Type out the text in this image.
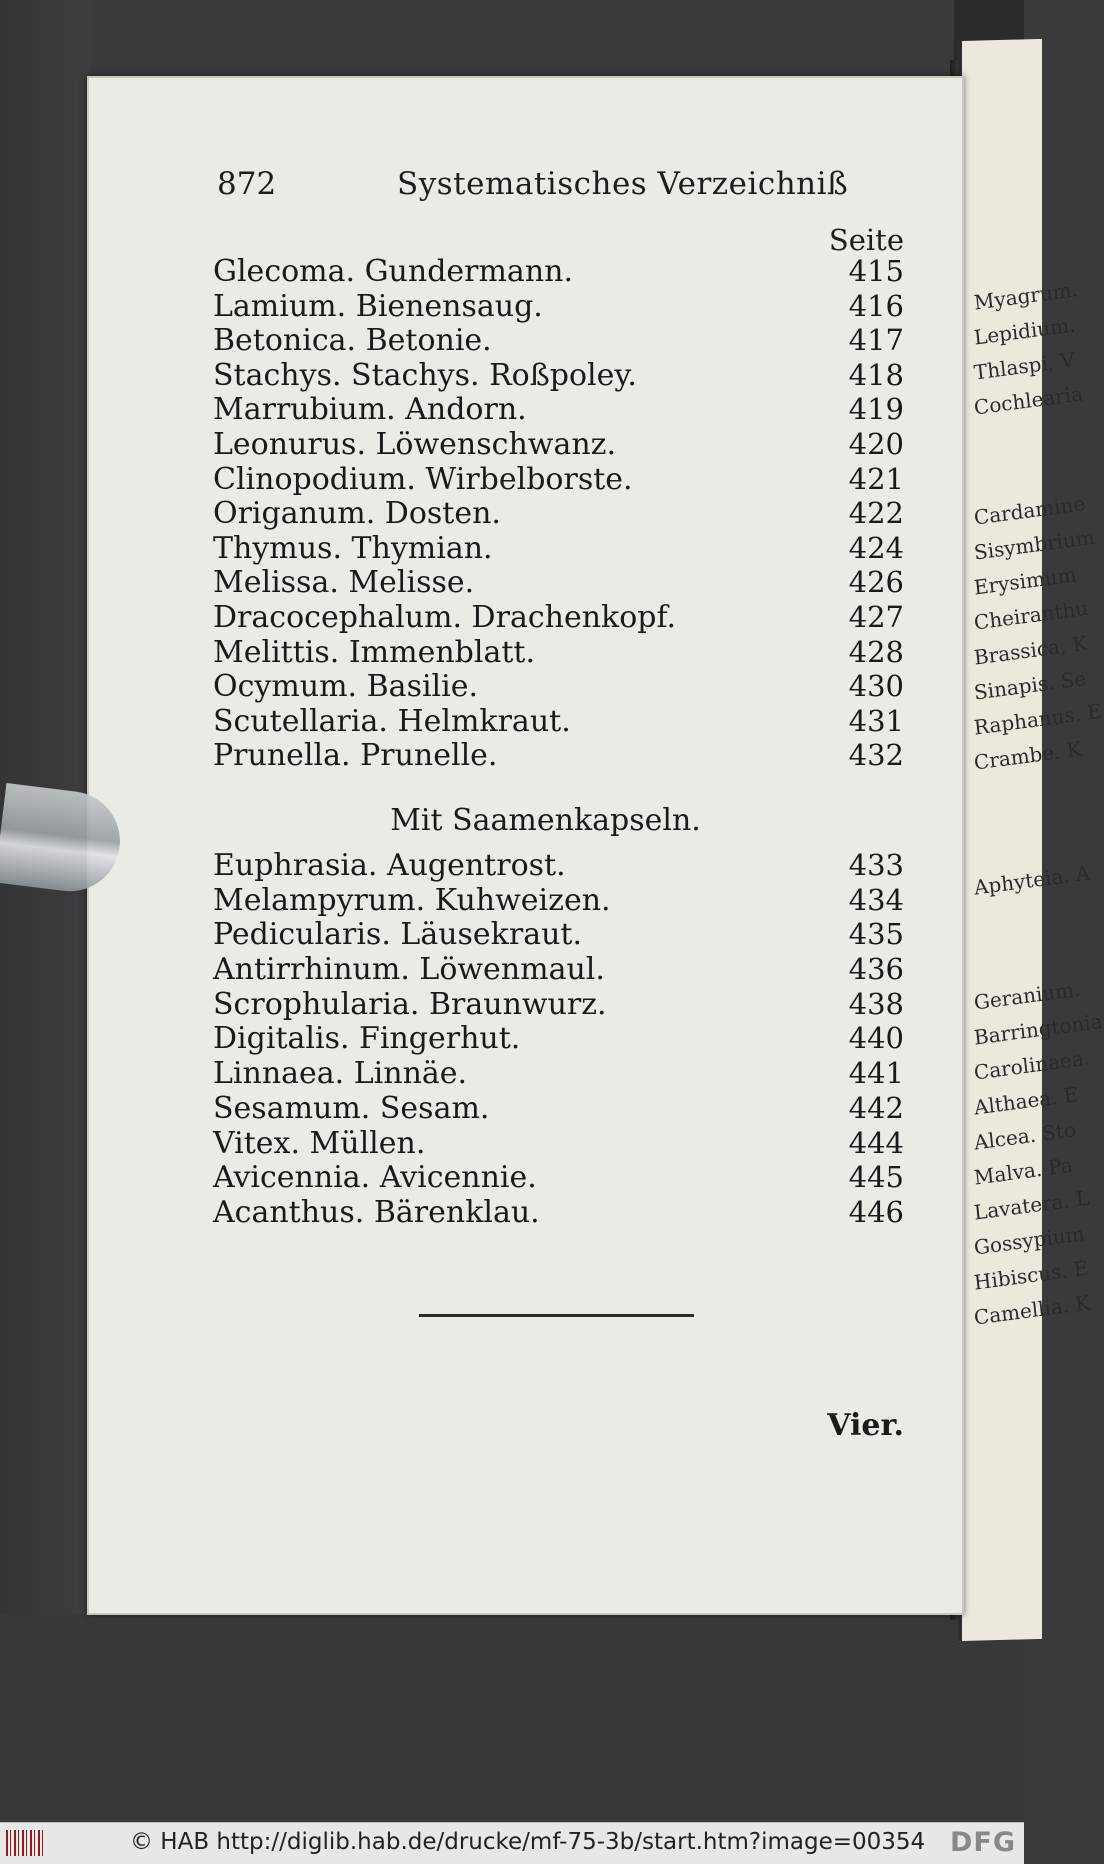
Myagrum.
Lepidium.
Thlaspi, V
Cochlearia
Cardamine
Sisymbrium
Erysimum
Cheiranthu
Brassica, K
Sinapis. Se
Raphanus. E
Crambe. K
Aphyteia. A
Geranium.
Barringtonia
Carolinaea.
Althaea. E
Alcea. Sto
Malva. Pa
Lavatera. L
Gossypium
Hibiscus. E
Camellia. K
872	Systematisches Verzeichniß
Seite
Glecoma. Gundermann.	415
Lamium. Bienensaug.	416
Betonica. Betonie.	417
Stachys. Stachys. Roßpoley.	418
Marrubium. Andorn.	419
Leonurus. Löwenschwanz.	420
Clinopodium. Wirbelborste.	421
Origanum. Dosten.	422
Thymus. Thymian.	424
Melissa. Melisse.	426
Dracocephalum. Drachenkopf.	427
Melittis. Immenblatt.	428
Ocymum. Basilie.	430
Scutellaria. Helmkraut.	431
Prunella. Prunelle.	432
Mit Saamenkapseln.
Euphrasia. Augentrost.	433
Melampyrum. Kuhweizen.	434
Pedicularis. Läusekraut.	435
Antirrhinum. Löwenmaul.	436
Scrophularia. Braunwurz.	438
Digitalis. Fingerhut.	440
Linnaea. Linnäe.	441
Sesamum. Sesam.	442
Vitex. Müllen.	444
Avicennia. Avicennie.	445
Acanthus. Bärenklau.	446
Vier.
© HAB http://diglib.hab.de/drucke/mf-75-3b/start.htm?image=00354 DFG
